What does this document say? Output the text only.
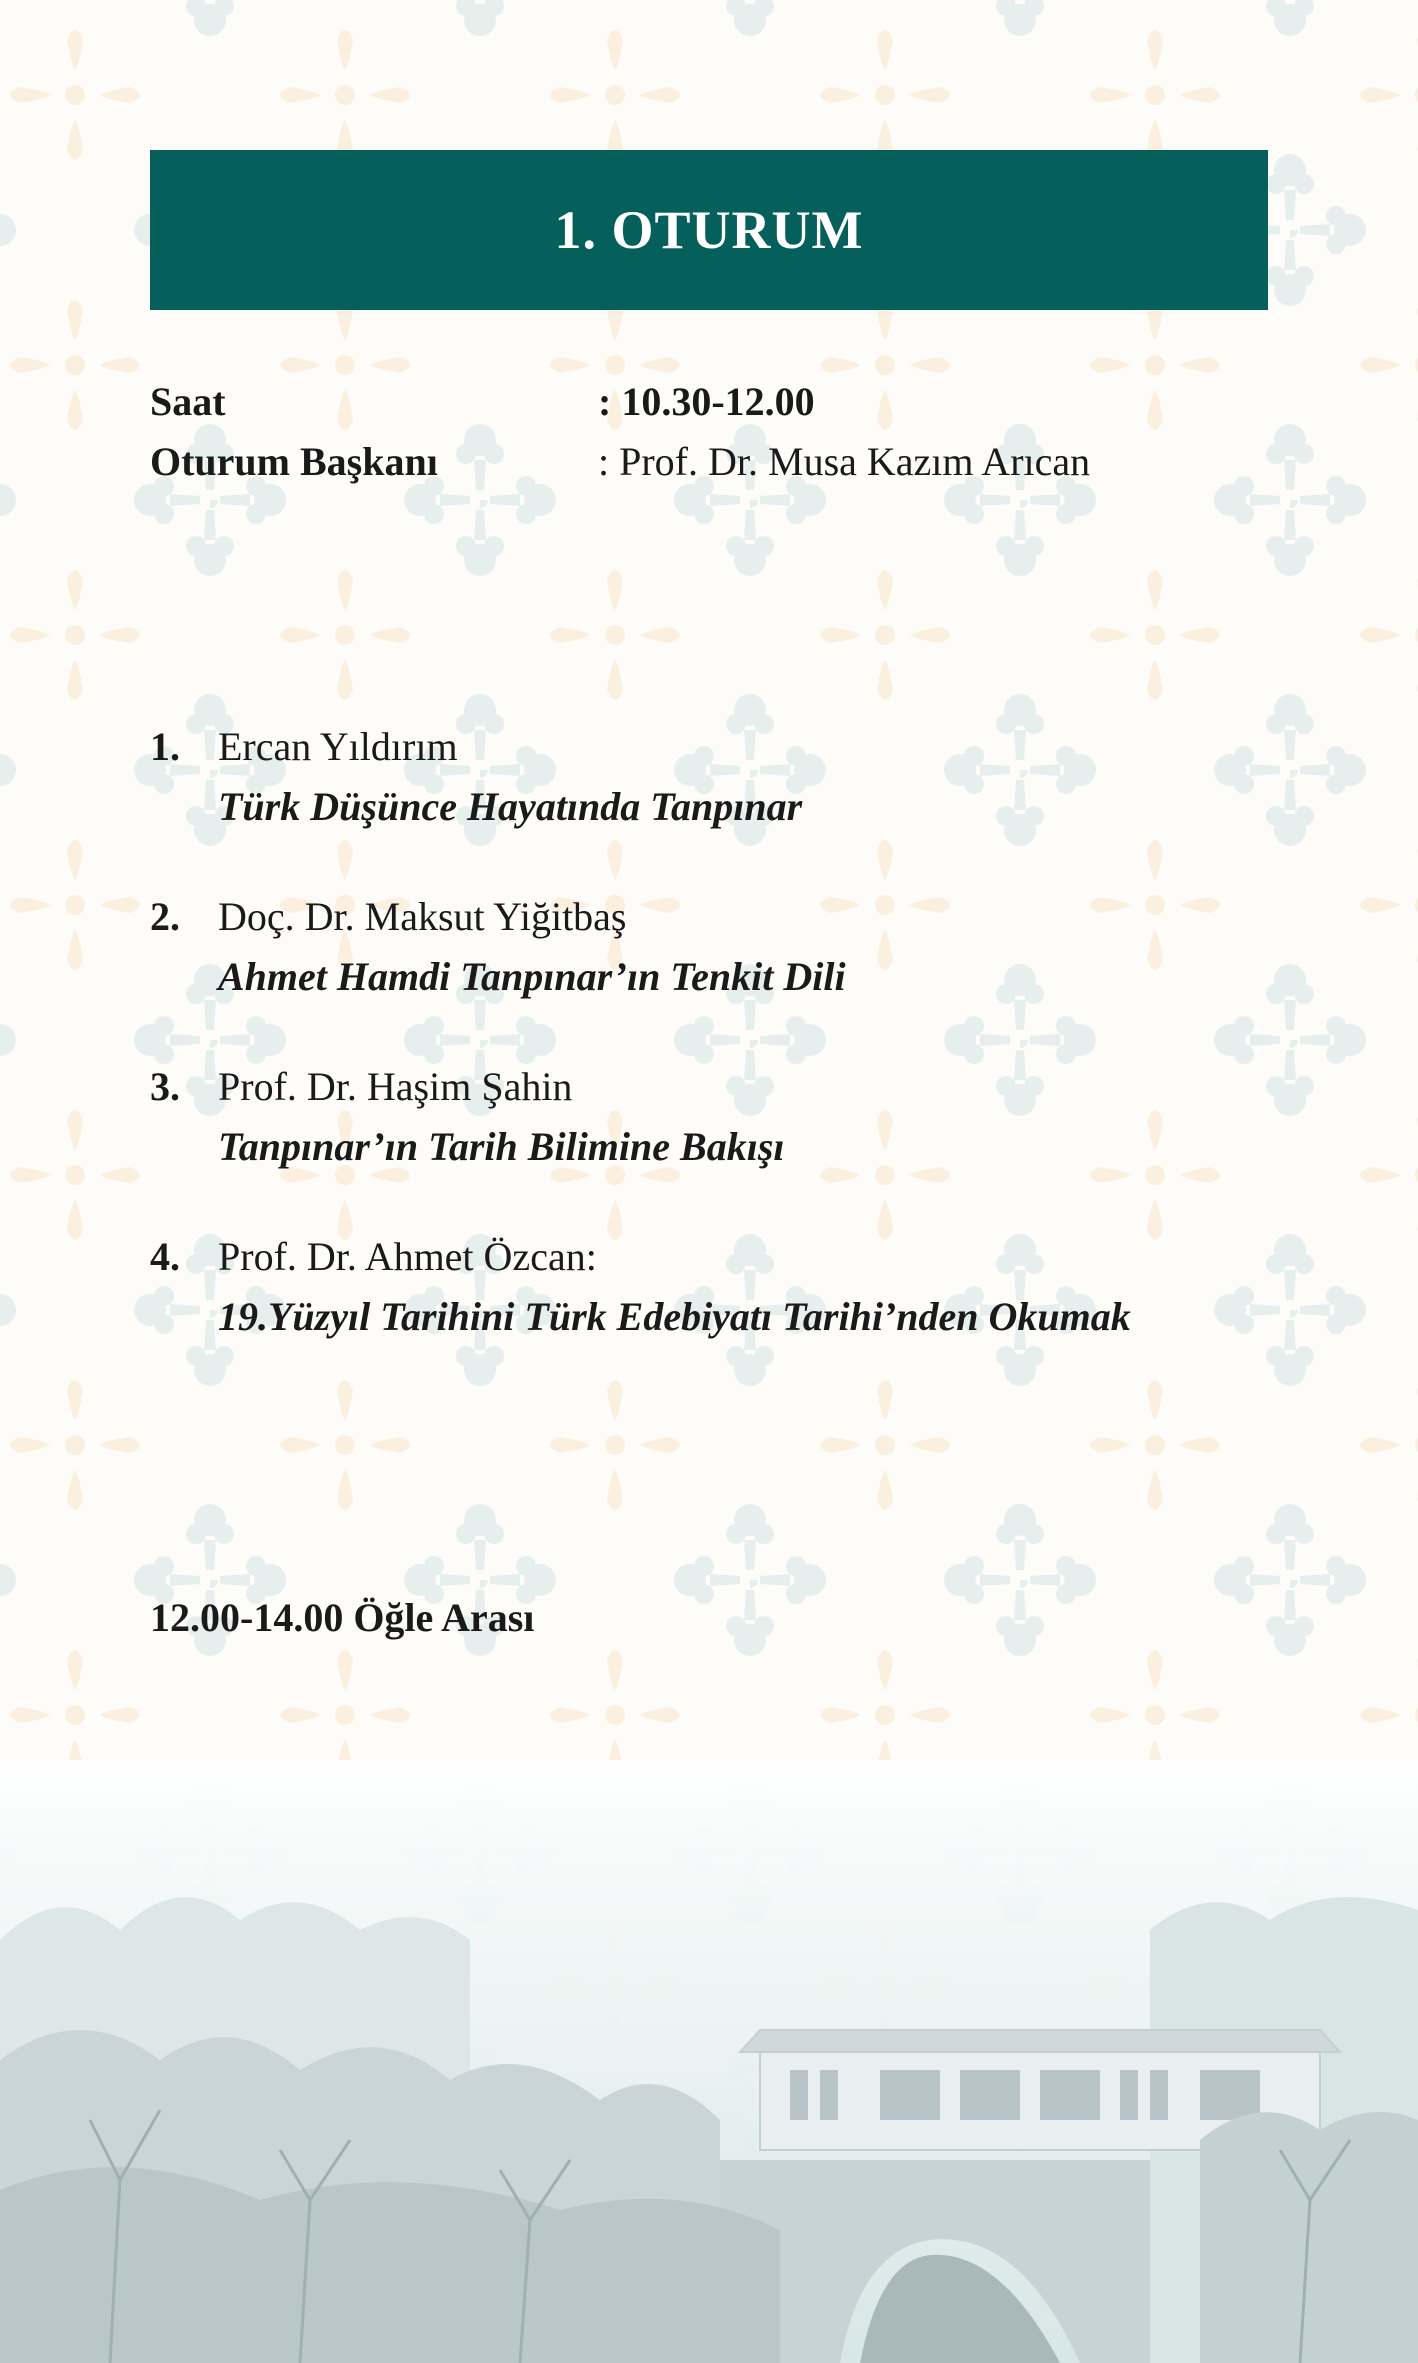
1. OTURUM
Saat	: 10.30-12.00
Oturum Başkanı	: Prof. Dr. Musa Kazım Arıcan
1. Ercan Yıldırım
Türk Düşünce Hayatında Tanpınar
2. Doç. Dr. Maksut Yiğitbaş
Ahmet Hamdi Tanpınar’ın Tenkit Dili
3. Prof. Dr. Haşim Şahin
Tanpınar’ın Tarih Bilimine Bakışı
4. Prof. Dr. Ahmet Özcan:
19.Yüzyıl Tarihini Türk Edebiyatı Tarihi’nden Okumak
12.00-14.00 Öğle Arası
